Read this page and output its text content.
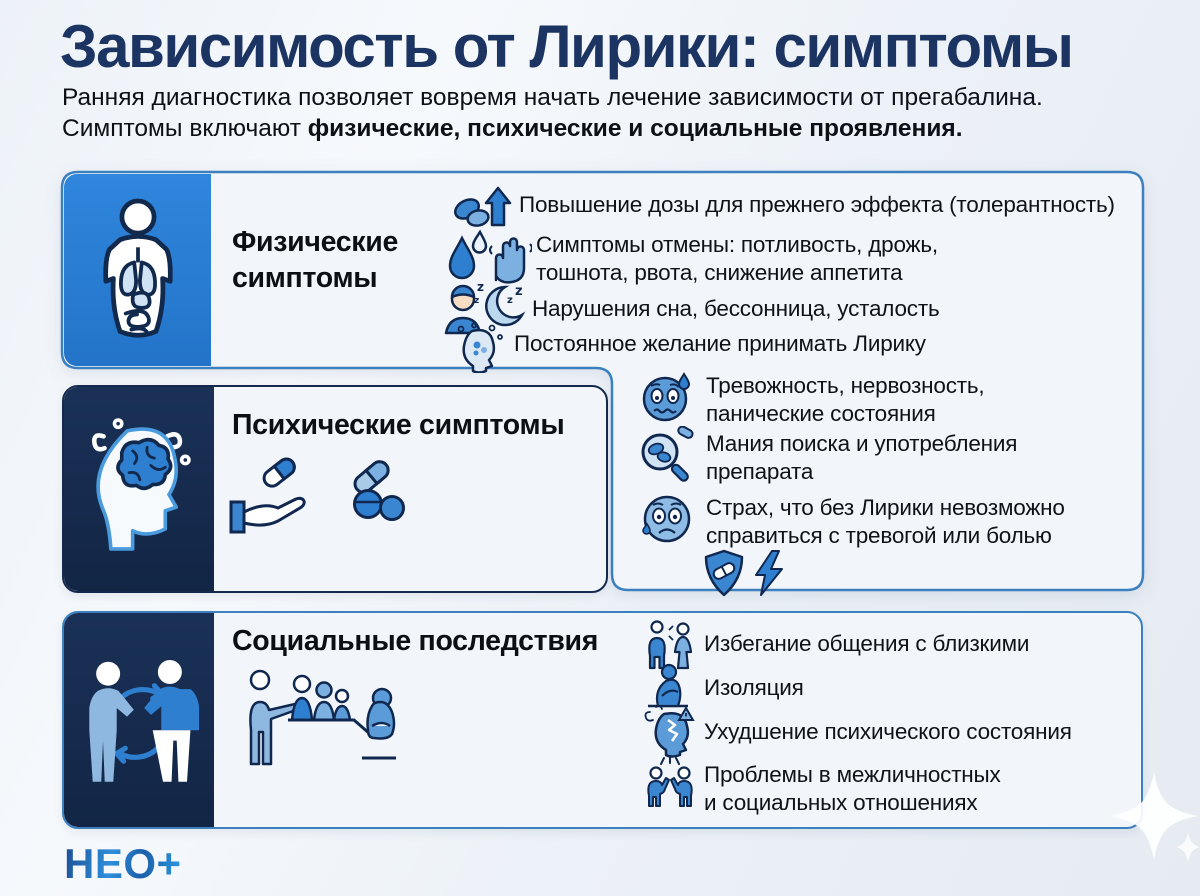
Зависимость от Лирики: симптомы
Ранняя диагностика позволяет вовремя начать лечение зависимости от прегабалина.
Симптомы включают физические, психические и социальные проявления.
Физические симптомы
Повышение дозы для прежнего эффекта (толерантность)
Симптомы отмены: потливость, дрожь,
тошнота, рвота, снижение аппетита
z
z	z
z
Нарушения сна, бессонница, усталость
Постоянное желание принимать Лирику
Психические симптомы
Тревожность, нервозность,
панические состояния
Мания поиска и употребления
препарата
Страх, что без Лирики невозможно
справиться с тревогой или болью
Социальные последствия	Избегание общения с близкими
Изоляция
Ухудшение психического состояния
Проблемы в межличностных
и социальных отношениях
НЕО+
